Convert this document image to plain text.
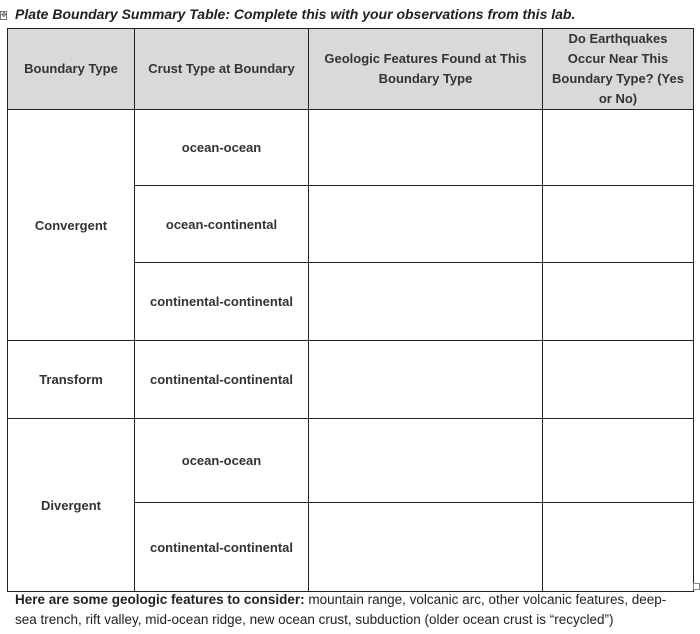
✥ Plate Boundary Summary Table: Complete this with your observations from this lab.
Boundary Type	Crust Type at Boundary	Geologic Features Found at This Boundary Type	Do Earthquakes Occur Near This Boundary Type? (Yes or No)
Convergent	ocean-ocean		
	ocean-continental		
	continental-continental		
Transform	continental-continental		
Divergent	ocean-ocean		
	continental-continental		
Here are some geologic features to consider: mountain range, volcanic arc, other volcanic features, deep-sea trench, rift valley, mid-ocean ridge, new ocean crust, subduction (older ocean crust is “recycled”)
